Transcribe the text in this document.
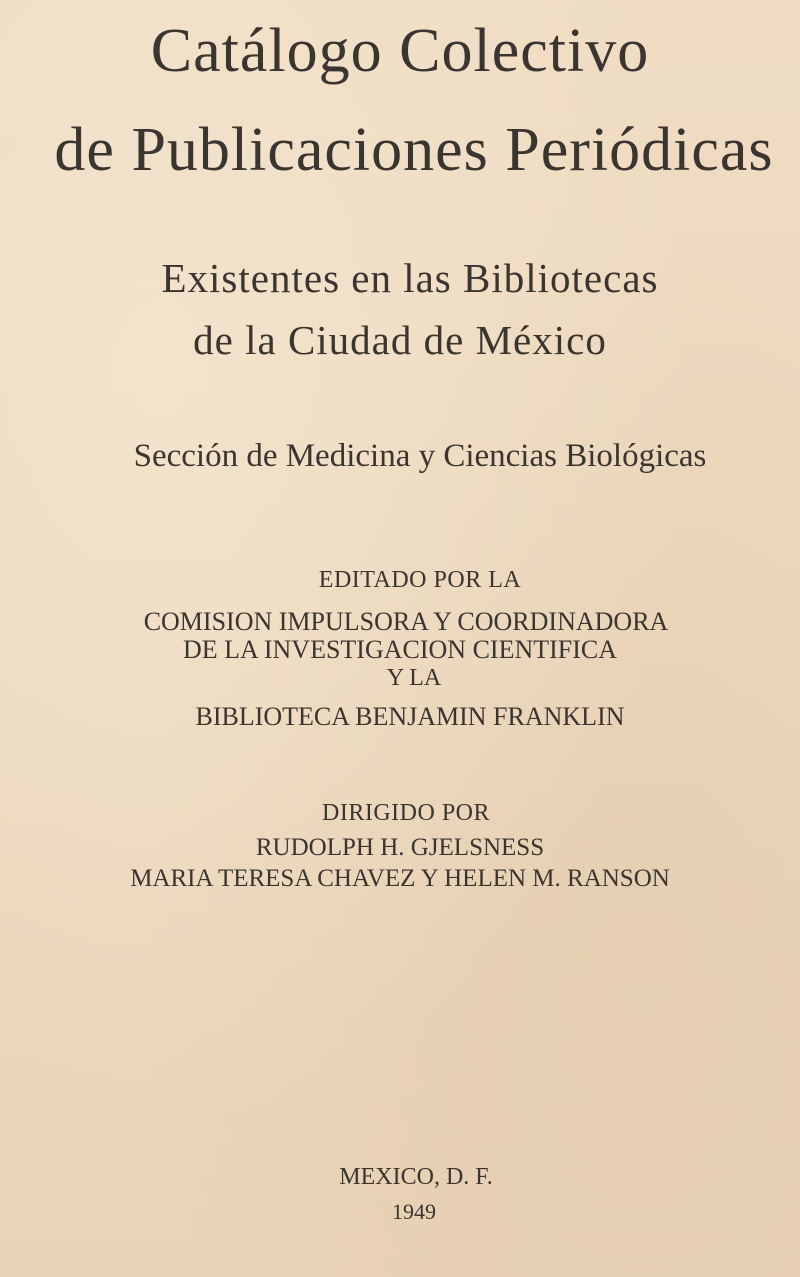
Catálogo Colectivo
de Publicaciones Periódicas
Existentes en las Bibliotecas
de la Ciudad de México

Sección de Medicina y Ciencias Biológicas

EDITADO POR LA

COMISION IMPULSORA Y COORDINADORA

DE LA INVESTIGACION CIENTIFICA

Y LA

BIBLIOTECA BENJAMIN FRANKLIN

DIRIGIDO POR

RUDOLPH H. GJELSNESS

MARIA TERESA CHAVEZ Y HELEN M. RANSON

MEXICO, D. F.

1949
